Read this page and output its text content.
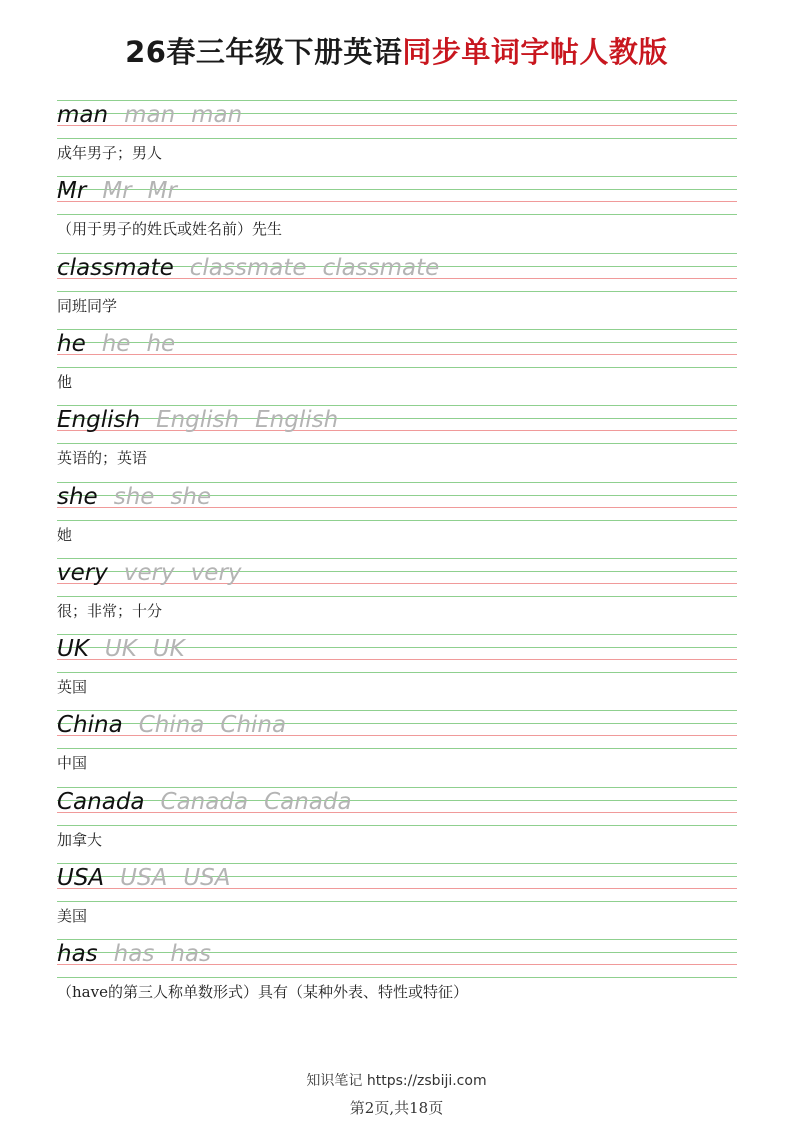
26春三年级下册英语同步单词字帖人教版
man man man
成年男子；男人
Mr Mr Mr
（用于男子的姓氏或姓名前）先生
classmate classmate classmate
同班同学
he he he
他
English English English
英语的；英语
she she she
她
very very very
很；非常；十分
UK UK UK
英国
China China China
中国
Canada Canada Canada
加拿大
USA USA USA
美国
has has has
（have的第三人称单数形式）具有（某种外表、特性或特征）
知识笔记 https://zsbiji.com
第2页,共18页
